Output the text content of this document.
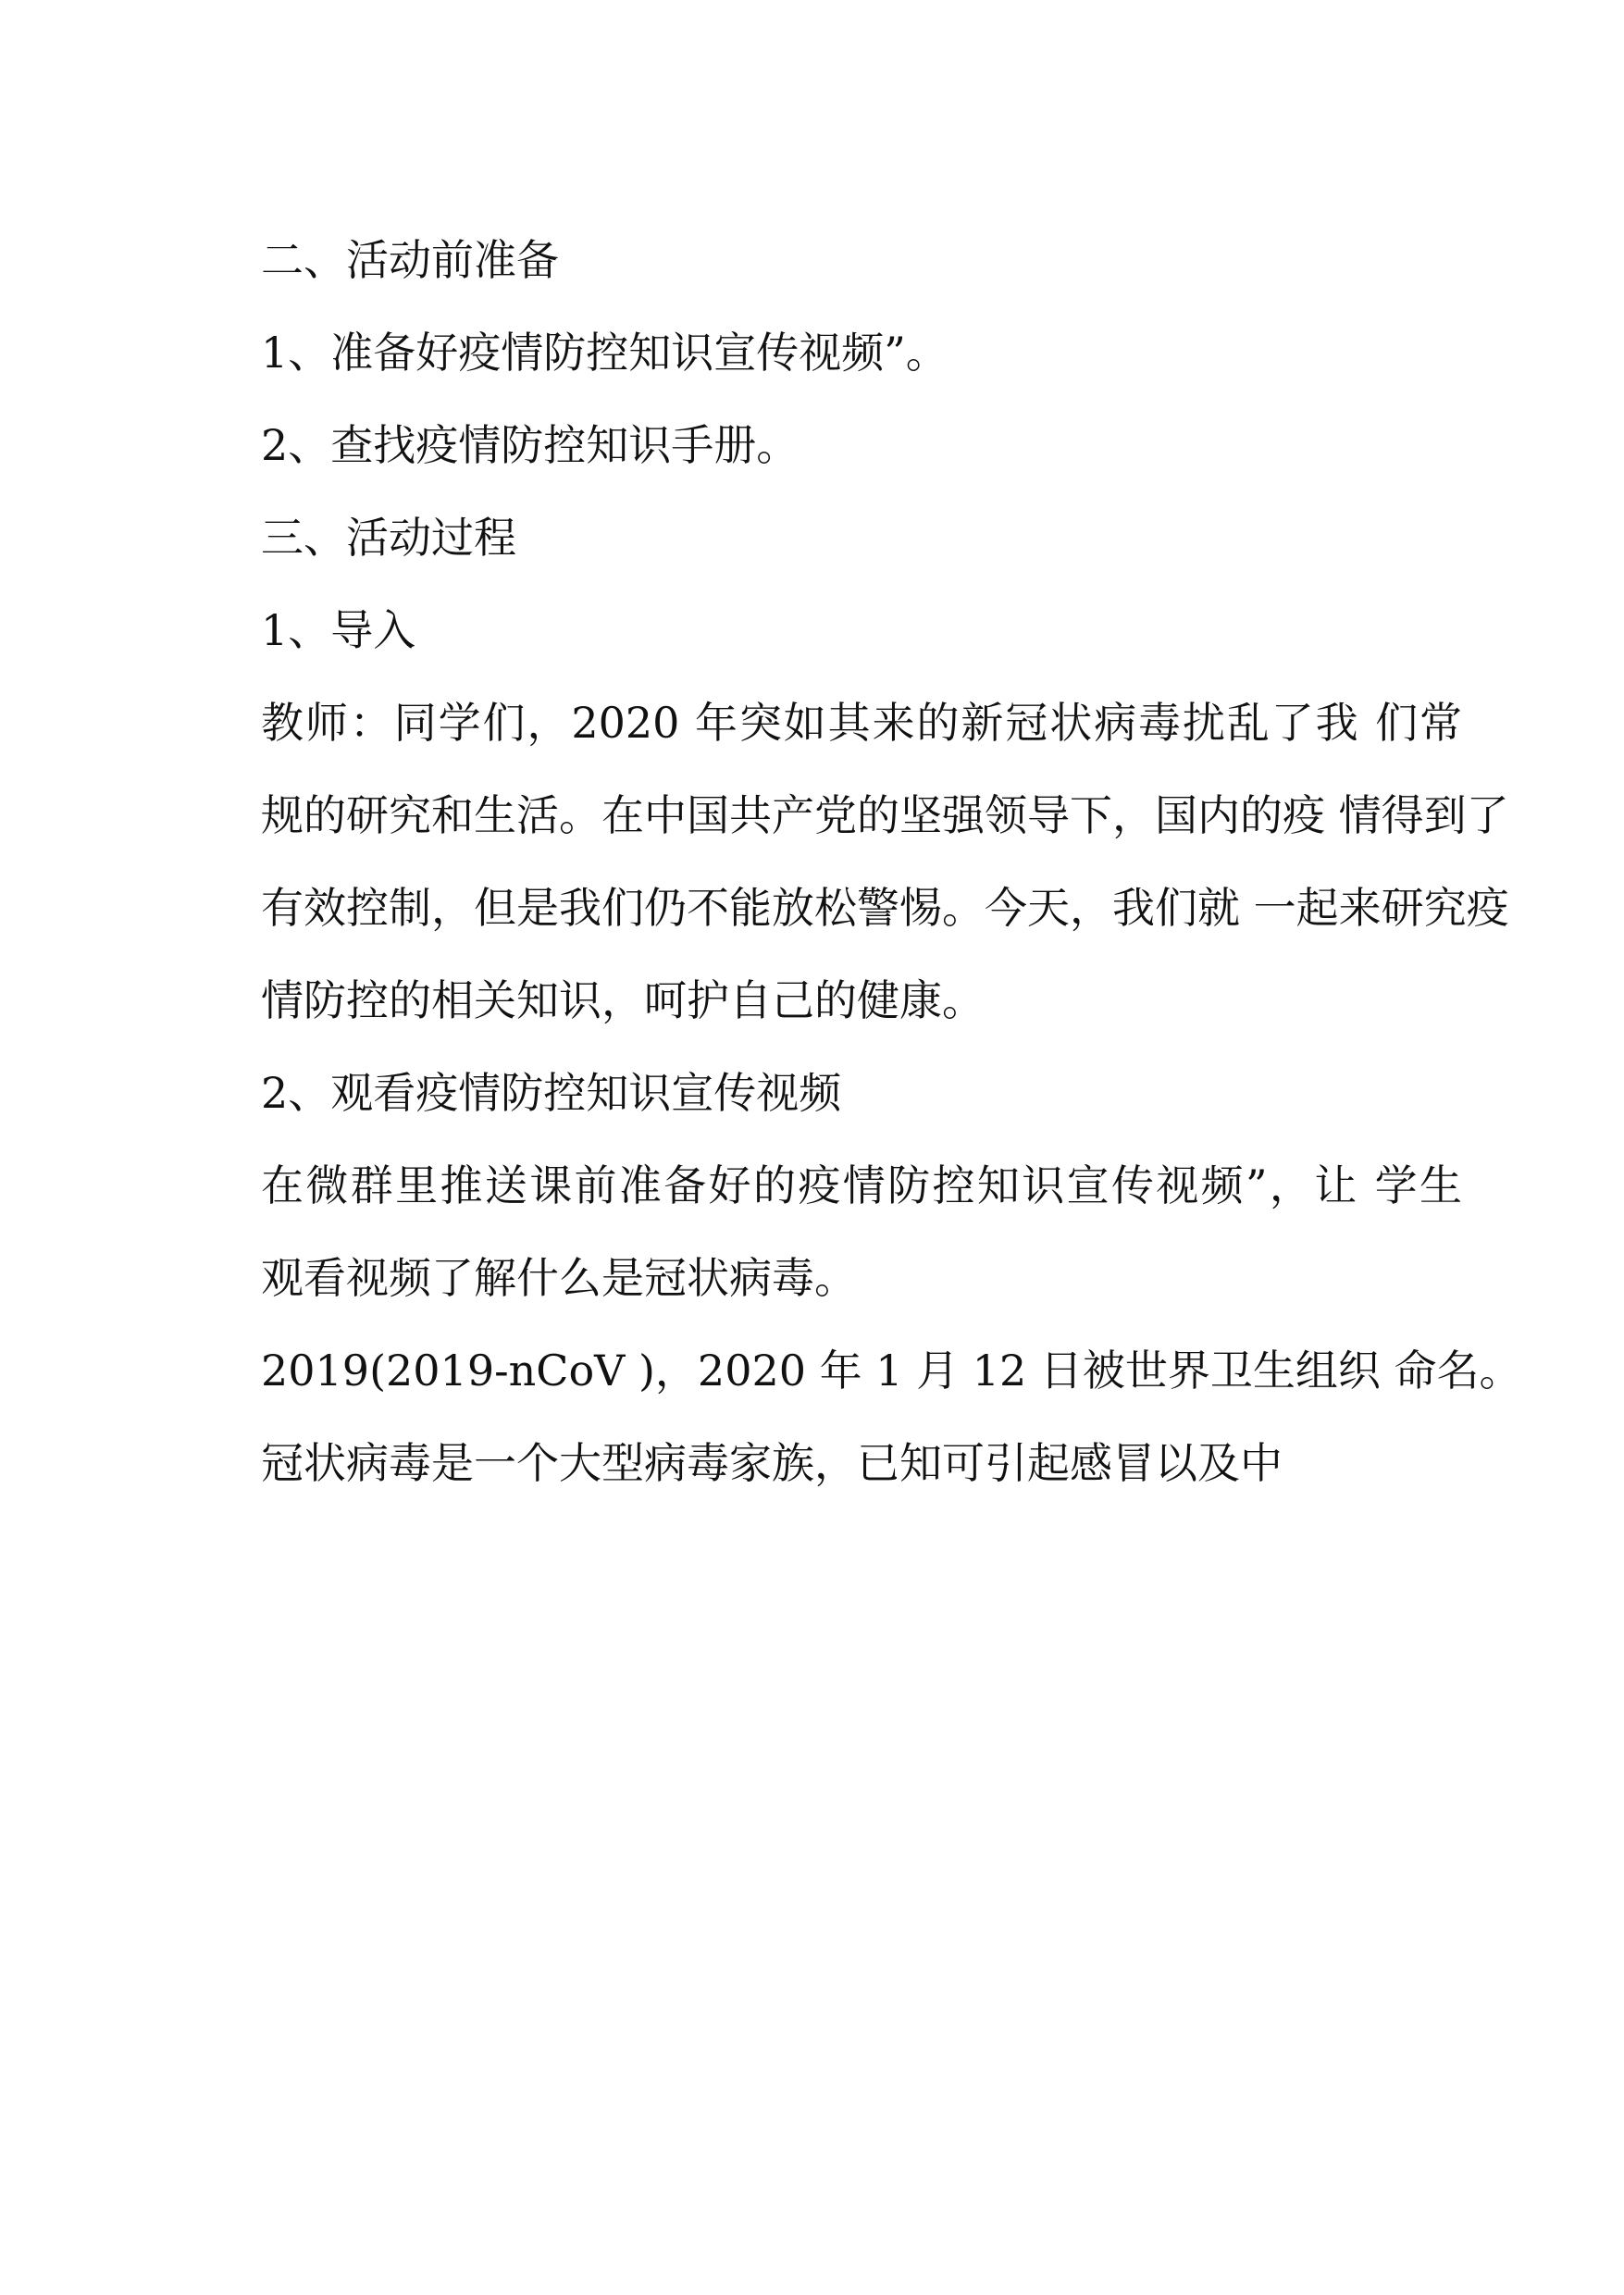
二、活动前准备

1、准备好疫情防控知识宣传视频”。

2、查找疫情防控知识手册。

三、活动过程

1、导入

教师：同学们，2020 年突如其来的新冠状病毒扰乱了我 们常
规的研究和生活。在中国共产党的坚强领导下，国内的疫 情得到了
有效控制，但是我们仍不能放松警惕。今天，我们就 一起来研究疫
情防控的相关知识，呵护自己的健康。

2、观看疫情防控知识宣传视频

在微群里推送课前准备好的疫情防控知识宣传视频”，让 学生
观看视频了解什么是冠状病毒。

2019(2019-nCoV )，2020 年 1 月 12 日被世界卫生组织 命名。
冠状病毒是一个大型病毒家族，已知可引起感冒以及中
